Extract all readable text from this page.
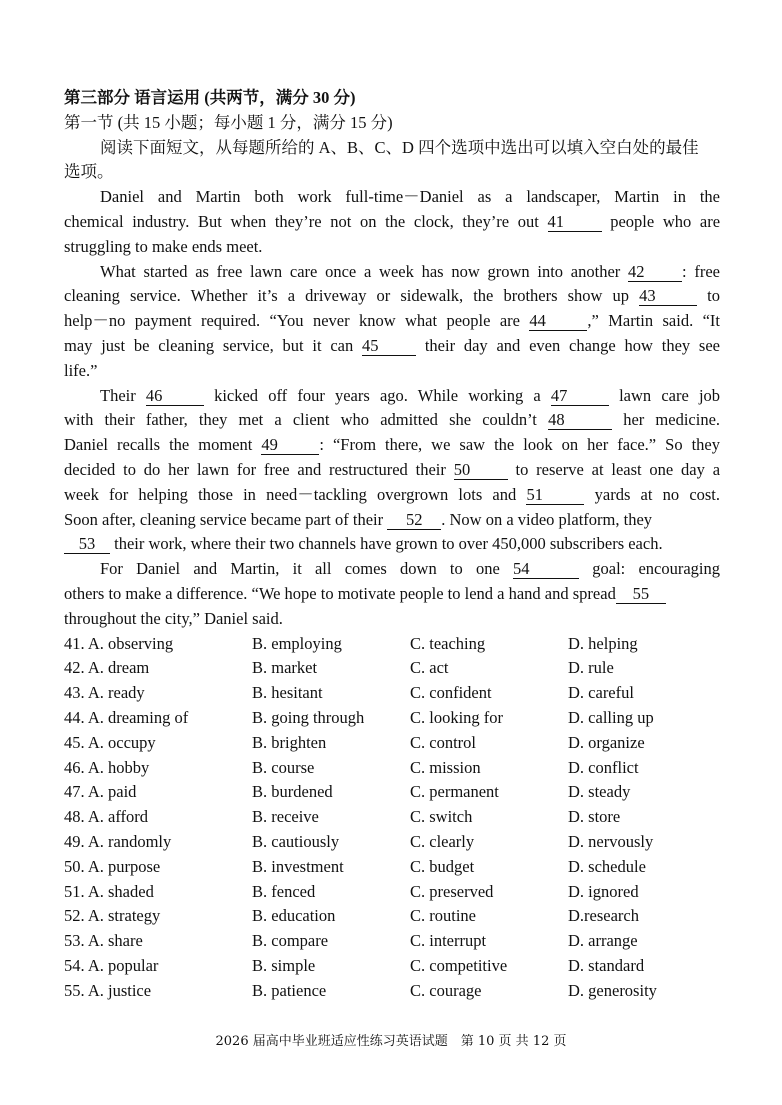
第三部分 语言运用 (共两节，满分 30 分)
第一节 (共 15 小题；每小题 1 分，满分 15 分)
阅读下面短文，从每题所给的 A、B、C、D 四个选项中选出可以填入空白处的最佳
选项。
Daniel and Martin both work full-time－Daniel as a landscaper, Martin in the
chemical industry. But when they’re not on the clock, they’re out 41	people who are
struggling to make ends meet.
What started as free lawn care once a week has now grown into another 42 : free
cleaning service. Whether it’s a driveway or sidewalk, the brothers show up 43	to
help－no payment required. “You never know what people are 44	,” Martin said. “It
may just be cleaning service, but it can 45	their day and even change how they see
life.”
Their 46	kicked off four years ago. While working a 47	lawn care job
with their father, they met a client who admitted she couldn’t 48	her medicine.
Daniel recalls the moment 49	: “From there, we saw the look on her face.” So they
decided to do her lawn for free and restructured their 50	to reserve at least one day a
week for helping those in need－tackling overgrown lots and 51	yards at no cost.
Soon after, cleaning service became part of their 52 . Now on a video platform, they
53 their work, where their two channels have grown to over 450,000 subscribers each.
For Daniel and Martin, it all comes down to one 54	goal: encouraging
others to make a difference. “We hope to motivate people to lend a hand and spread 55
throughout the city,” Daniel said.
41. A. observing	B. employing	C. teaching	D. helping
42. A. dream	B. market	C. act	D. rule
43. A. ready	B. hesitant	C. confident	D. careful
44. A. dreaming of	B. going through	C. looking for	D. calling up
45. A. occupy	B. brighten	C. control	D. organize
46. A. hobby	B. course	C. mission	D. conflict
47. A. paid	B. burdened	C. permanent	D. steady
48. A. afford	B. receive	C. switch	D. store
49. A. randomly	B. cautiously	C. clearly	D. nervously
50. A. purpose	B. investment	C. budget	D. schedule
51. A. shaded	B. fenced	C. preserved	D. ignored
52. A. strategy	B. education	C. routine	D.research
53. A. share	B. compare	C. interrupt	D. arrange
54. A. popular	B. simple	C. competitive	D. standard
55. A. justice	B. patience	C. courage	D. generosity
2026 届高中毕业班适应性练习英语试题　第 10 页 共 12 页
